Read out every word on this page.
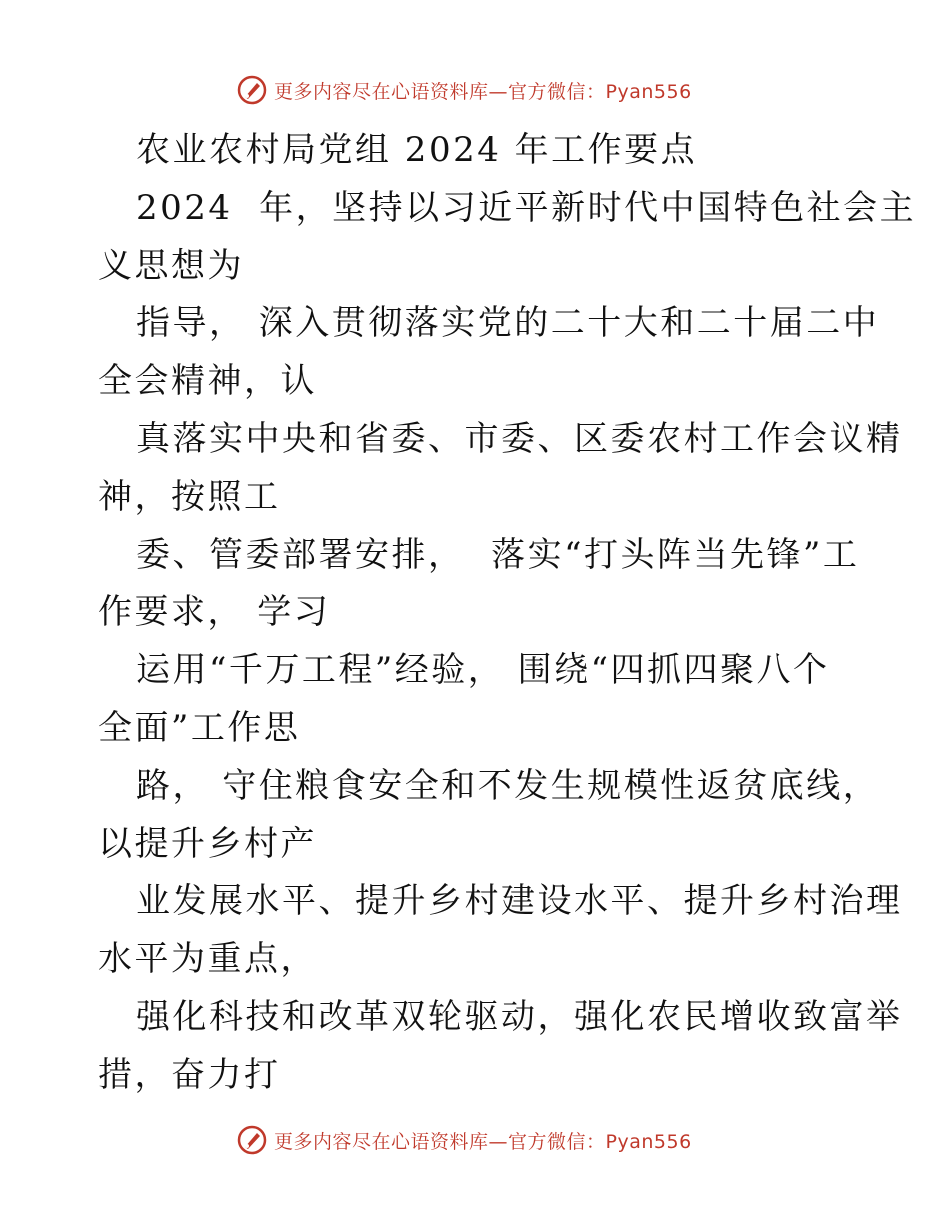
更多内容尽在心语资料库—官方微信：Pyan556
农业农村局党组 2024 年工作要点
2024  年，坚持以习近平新时代中国特色社会主
义思想为
指导， 深入贯彻落实党的二十大和二十届二中
全会精神，认
真落实中央和省委、市委、区委农村工作会议精
神，按照工
委、管委部署安排，  落实“打头阵当先锋”工
作要求， 学习
运用“千万工程”经验， 围绕“四抓四聚八个
全面”工作思
路， 守住粮食安全和不发生规模性返贫底线，
以提升乡村产
业发展水平、提升乡村建设水平、提升乡村治理
水平为重点，
强化科技和改革双轮驱动，强化农民增收致富举
措，奋力打
更多内容尽在心语资料库—官方微信：Pyan556
